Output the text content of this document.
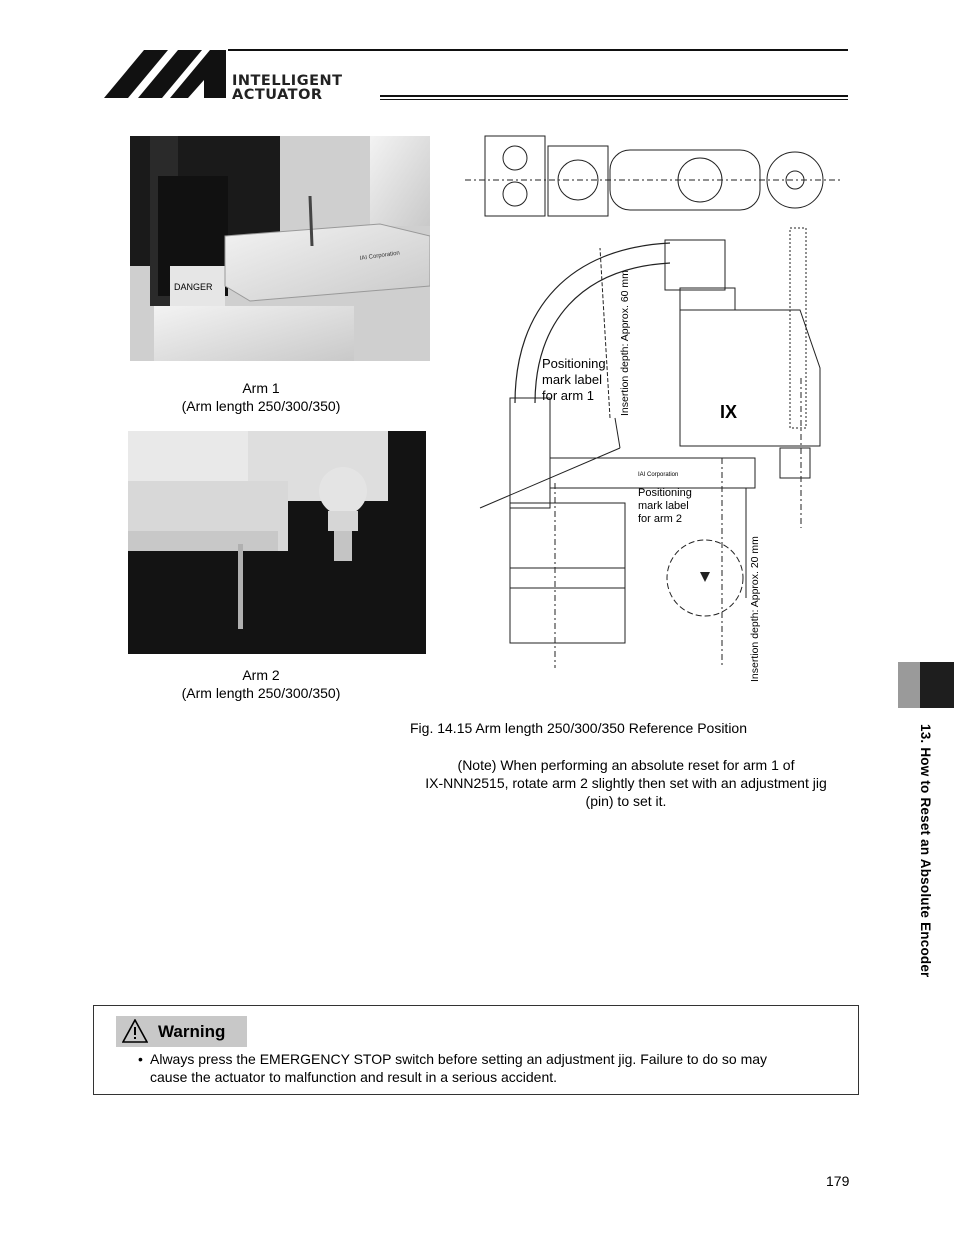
INTELLIGENT
ACTUATOR
DANGER
IAI Corporation
Arm 1
(Arm length 250/300/350)
Arm 2
(Arm length 250/300/350)
Positioning
mark label
for arm 1
Positioning
mark label
for arm 2
Insertion depth: Approx. 60 mm
Insertion depth: Approx. 20 mm
IX
IAI Corporation
13. How to Reset an Absolute Encoder
Fig. 14.15 Arm length 250/300/350 Reference Position
(Note) When performing an absolute reset for arm 1 of
IX-NNN2515, rotate arm 2 slightly then set with an adjustment jig
(pin) to set it.
Warning
• Always press the EMERGENCY STOP switch before setting an adjustment jig. Failure to do so may
cause the actuator to malfunction and result in a serious accident.
179
